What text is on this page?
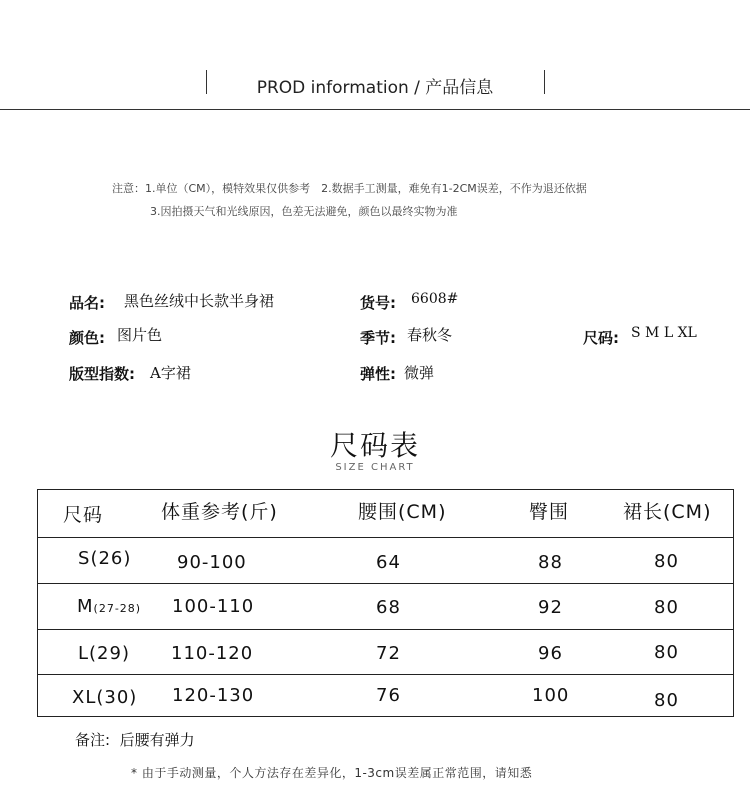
PROD information / 产品信息
注意：1.单位（CM），模特效果仅供参考　2.数据手工测量，难免有1-2CM误差，不作为退还依据
3.因拍摄天气和光线原因，色差无法避免，颜色以最终实物为准
品名: 黑色丝绒中长款半身裙	货号: 6608#
颜色: 图片色	季节: 春秋冬	尺码: S M L XL
版型指数: A字裙	弹性: 微弹
尺码表
SIZE CHART
尺码	体重参考(斤)	腰围(CM)	臀围	裙长(CM)
S(26)	90-100	64	88	80
M(27-28) 100-110	68	92	80
L(29) 110-120	72	96	80
XL(30) 120-130	76	100	80
备注:  后腰有弹力
* 由于手动测量，个人方法存在差异化，1-3cm误差属正常范围，请知悉
